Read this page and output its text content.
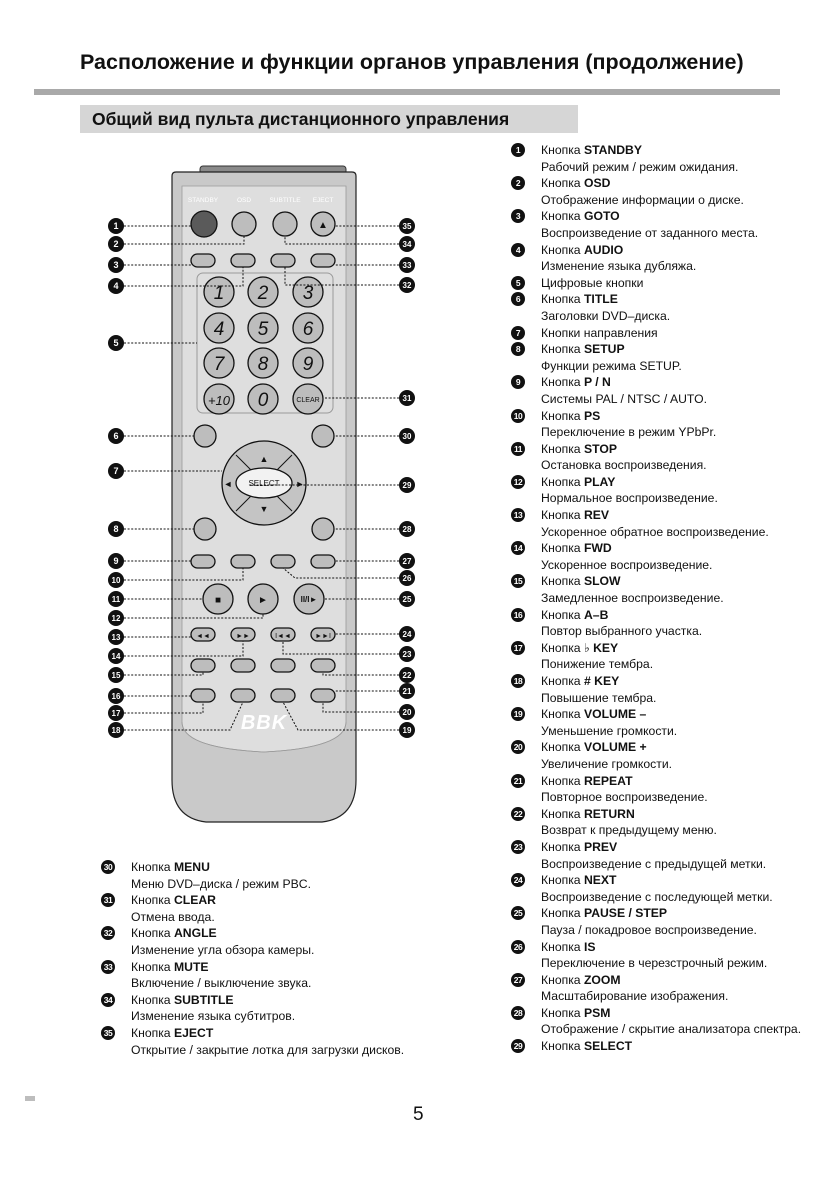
Расположение и функции органов управления (продолжение)
Общий вид пульта дистанционного управления
STANDBY	OSD	SUBTITLE EJECT
▲
1 2 3
4 5 6
7 8 9
+10 0	CLEAR
▲
▼
◄	►
SELECT
■	►	II/I►
◄◄	►►	I◄◄	►►I
BBK
1
2
3
4
5
6
7
8
9
10
11
12
13
14
15
16
17
18	19
20
21
22
23
24
25
26
27
28
29
30
31
32
33
34
35
1	Кнопка STANDBY
Рабочий режим / режим ожидания.
2	Кнопка OSD
Отображение информации о диске.
3	Кнопка GOTO
Воспроизведение от заданного места.
4	Кнопка AUDIO
Изменение языка дубляжа.
5	Цифровые кнопки
6	Кнопка TITLE
Заголовки DVD–диска.
7	Кнопки направления
8	Кнопка SETUP
Функции режима SETUP.
9	Кнопка P / N
Системы PAL / NTSC / AUTO.
10 Кнопка PS
Переключение в режим YPbPr.
11 Кнопка STOP
Остановка воспроизведения.
12 Кнопка PLAY
Нормальное воспроизведение.
13 Кнопка REV
Ускоренное обратное воспроизведение.
14 Кнопка FWD
Ускоренное воспроизведение.
15 Кнопка SLOW
Замедленное воспроизведение.
16 Кнопка A–B
Повтор выбранного участка.
17 Кнопка ♭ KEY
Понижение тембра.
18 Кнопка # KEY
Повышение тембра.
19 Кнопка VOLUME –
Уменьшение громкости.
20 Кнопка VOLUME +
Увеличение громкости.
21 Кнопка REPEAT
Повторное воспроизведение.
22 Кнопка RETURN
Возврат к предыдущему меню.
23 Кнопка PREV
Воспроизведение с предыдущей метки.
24 Кнопка NEXT
Воспроизведение с последующей метки.
25 Кнопка PAUSE / STEP
Пауза / покадровое воспроизведение.
26 Кнопка IS
Переключение в черезстрочный режим.
27 Кнопка ZOOM
Масштабирование изображения.
28 Кнопка PSM
Отображение / скрытие анализатора спектра.
29 Кнопка SELECT
30 Кнопка MENU
Меню DVD–диска / режим PBC.
31 Кнопка CLEAR
Отмена ввода.
32 Кнопка ANGLE
Изменение угла обзора камеры.
33 Кнопка MUTE
Включение / выключение звука.
34 Кнопка SUBTITLE
Изменение языка субтитров.
35 Кнопка EJECT
Открытие / закрытие лотка для загрузки дисков.
5
